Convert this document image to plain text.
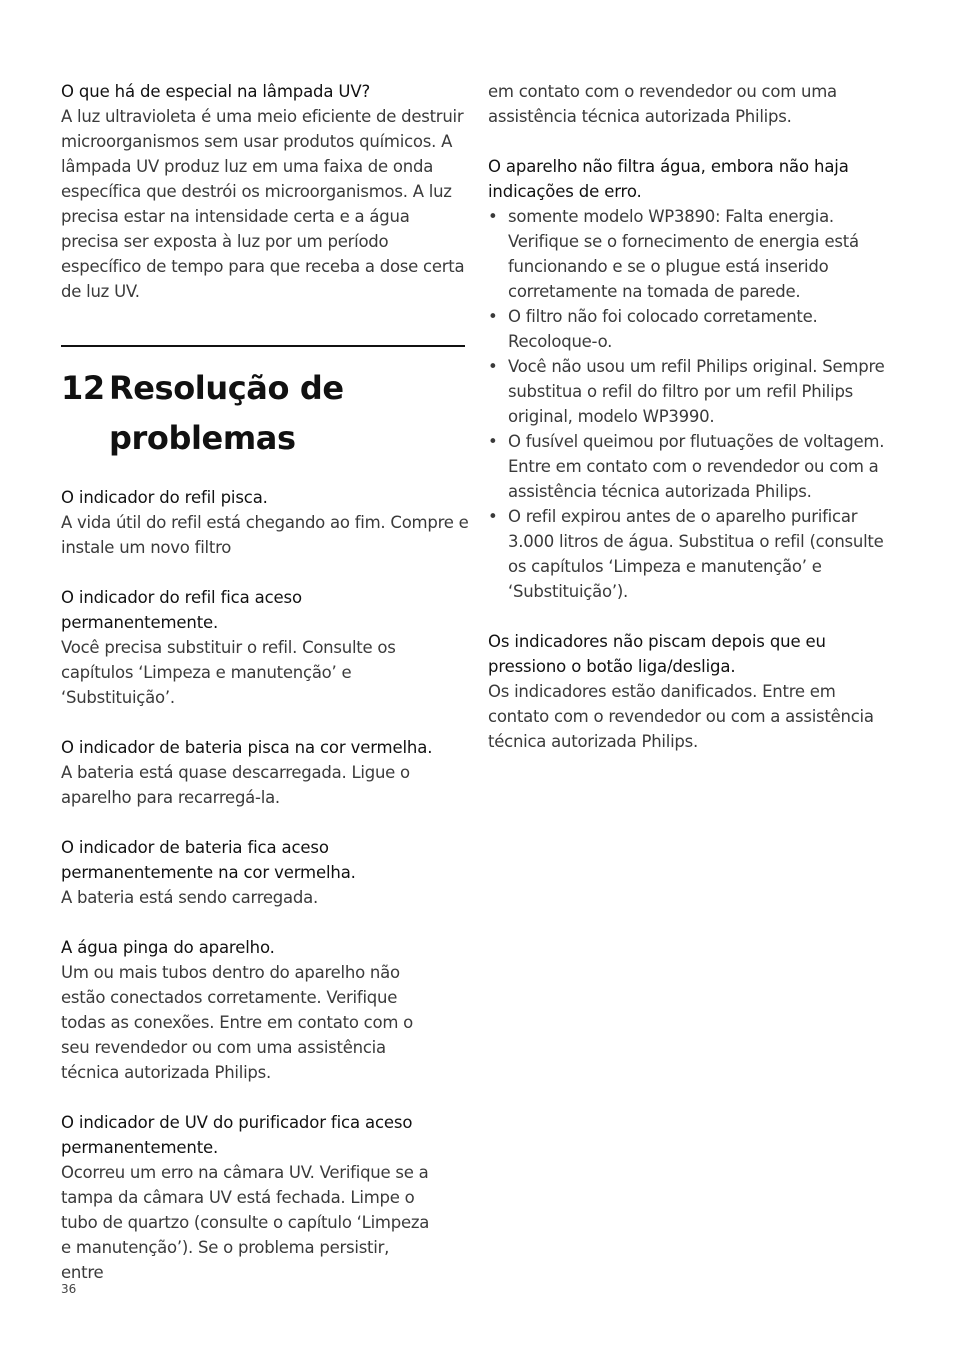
O que há de especial na lâmpada UV?

A luz ultravioleta é uma meio eficiente de destruir microorganismos sem usar produtos químicos. A lâmpada UV produz luz em uma faixa de onda específica que destrói os microorganismos. A luz precisa estar na intensidade certa e a água precisa ser exposta à luz por um período específico de tempo para que receba a dose certa de luz UV.

12 Resolução de problemas

O indicador do refil pisca.

A vida útil do refil está chegando ao fim. Compre e instale um novo filtro

O indicador do refil fica aceso permanentemente.

Você precisa substituir o refil. Consulte os capítulos ‘Limpeza e manutenção’ e ‘Substituição’.

O indicador de bateria pisca na cor vermelha.

A bateria está quase descarregada. Ligue o aparelho para recarregá-la.

O indicador de bateria fica aceso permanentemente na cor vermelha.

A bateria está sendo carregada.

A água pinga do aparelho.

Um ou mais tubos dentro do aparelho não estão conectados corretamente. Verifique todas as conexões. Entre em contato com o seu revendedor ou com uma assistência técnica autorizada Philips.

O indicador de UV do purificador fica aceso permanentemente.

Ocorreu um erro na câmara UV. Verifique se a tampa da câmara UV está fechada. Limpe o tubo de quartzo (consulte o capítulo ‘Limpeza e manutenção’). Se o problema persistir, entre

em contato com o revendedor ou com uma assistência técnica autorizada Philips.

O aparelho não filtra água, embora não haja indicações de erro.

• somente modelo WP3890: Falta energia. Verifique se o fornecimento de energia está funcionando e se o plugue está inserido corretamente na tomada de parede.
• O filtro não foi colocado corretamente. Recoloque-o.
• Você não usou um refil Philips original. Sempre substitua o refil do filtro por um refil Philips original, modelo WP3990.
• O fusível queimou por flutuações de voltagem. Entre em contato com o revendedor ou com a assistência técnica autorizada Philips.
• O refil expirou antes de o aparelho purificar 3.000 litros de água. Substitua o refil (consulte os capítulos ‘Limpeza e manutenção’ e ‘Substituição’).

Os indicadores não piscam depois que eu pressiono o botão liga/desliga.

Os indicadores estão danificados. Entre em contato com o revendedor ou com a assistência técnica autorizada Philips.

36
